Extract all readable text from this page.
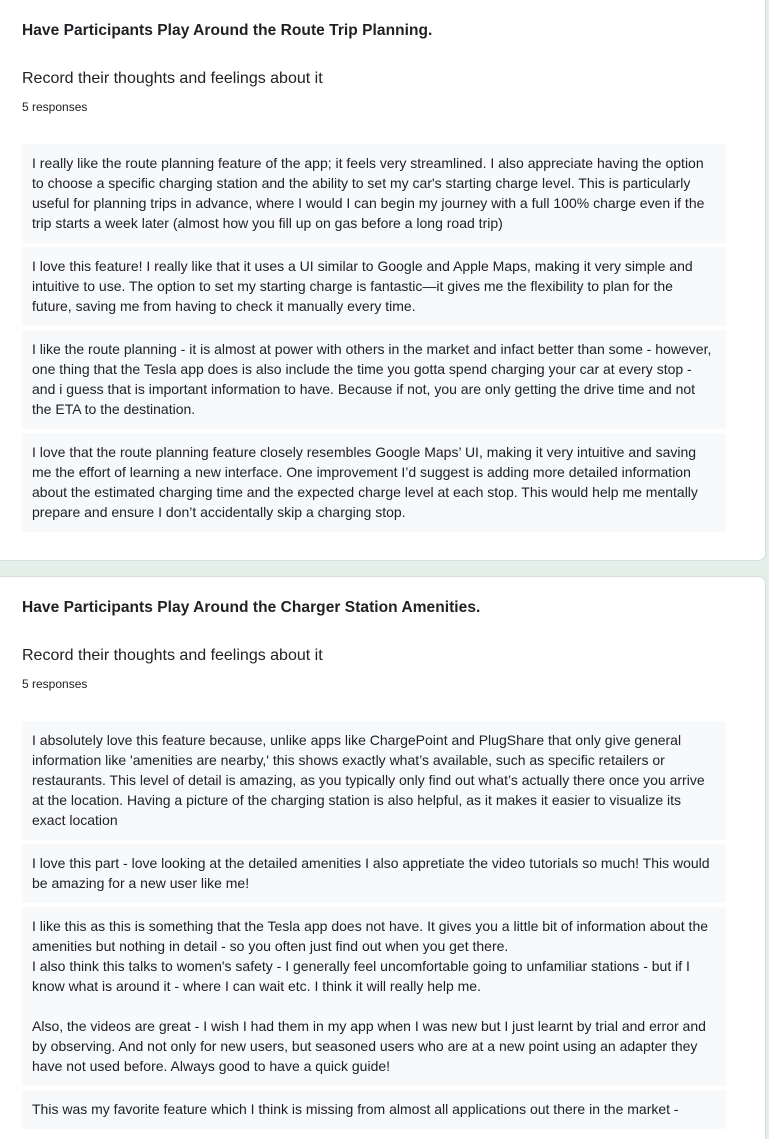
Have Participants Play Around the Route Trip Planning.
Record their thoughts and feelings about it
5 responses
I really like the route planning feature of the app; it feels very streamlined. I also appreciate having the option to choose a specific charging station and the ability to set my car's starting charge level. This is particularly useful for planning trips in advance, where I would I can begin my journey with a full 100% charge even if the trip starts a week later (almost how you fill up on gas before a long road trip)
I love this feature! I really like that it uses a UI similar to Google and Apple Maps, making it very simple and intuitive to use. The option to set my starting charge is fantastic—it gives me the flexibility to plan for the future, saving me from having to check it manually every time.
I like the route planning - it is almost at power with others in the market and infact better than some - however, one thing that the Tesla app does is also include the time you gotta spend charging your car at every stop - and i guess that is important information to have. Because if not, you are only getting the drive time and not the ETA to the destination.
I love that the route planning feature closely resembles Google Maps’ UI, making it very intuitive and saving me the effort of learning a new interface. One improvement I’d suggest is adding more detailed information about the estimated charging time and the expected charge level at each stop. This would help me mentally prepare and ensure I don’t accidentally skip a charging stop.
Have Participants Play Around the Charger Station Amenities.
Record their thoughts and feelings about it
5 responses
I absolutely love this feature because, unlike apps like ChargePoint and PlugShare that only give general information like 'amenities are nearby,' this shows exactly what’s available, such as specific retailers or restaurants. This level of detail is amazing, as you typically only find out what’s actually there once you arrive at the location. Having a picture of the charging station is also helpful, as it makes it easier to visualize its exact location
I love this part - love looking at the detailed amenities I also appretiate the video tutorials so much! This would be amazing for a new user like me!
I like this as this is something that the Tesla app does not have. It gives you a little bit of information about the amenities but nothing in detail - so you often just find out when you get there.
I also think this talks to women's safety - I generally feel uncomfortable going to unfamiliar stations - but if I know what is around it - where I can wait etc. I think it will really help me.

Also, the videos are great - I wish I had them in my app when I was new but I just learnt by trial and error and by observing. And not only for new users, but seasoned users who are at a new point using an adapter they have not used before. Always good to have a quick guide!
This was my favorite feature which I think is missing from almost all applications out there in the market -
